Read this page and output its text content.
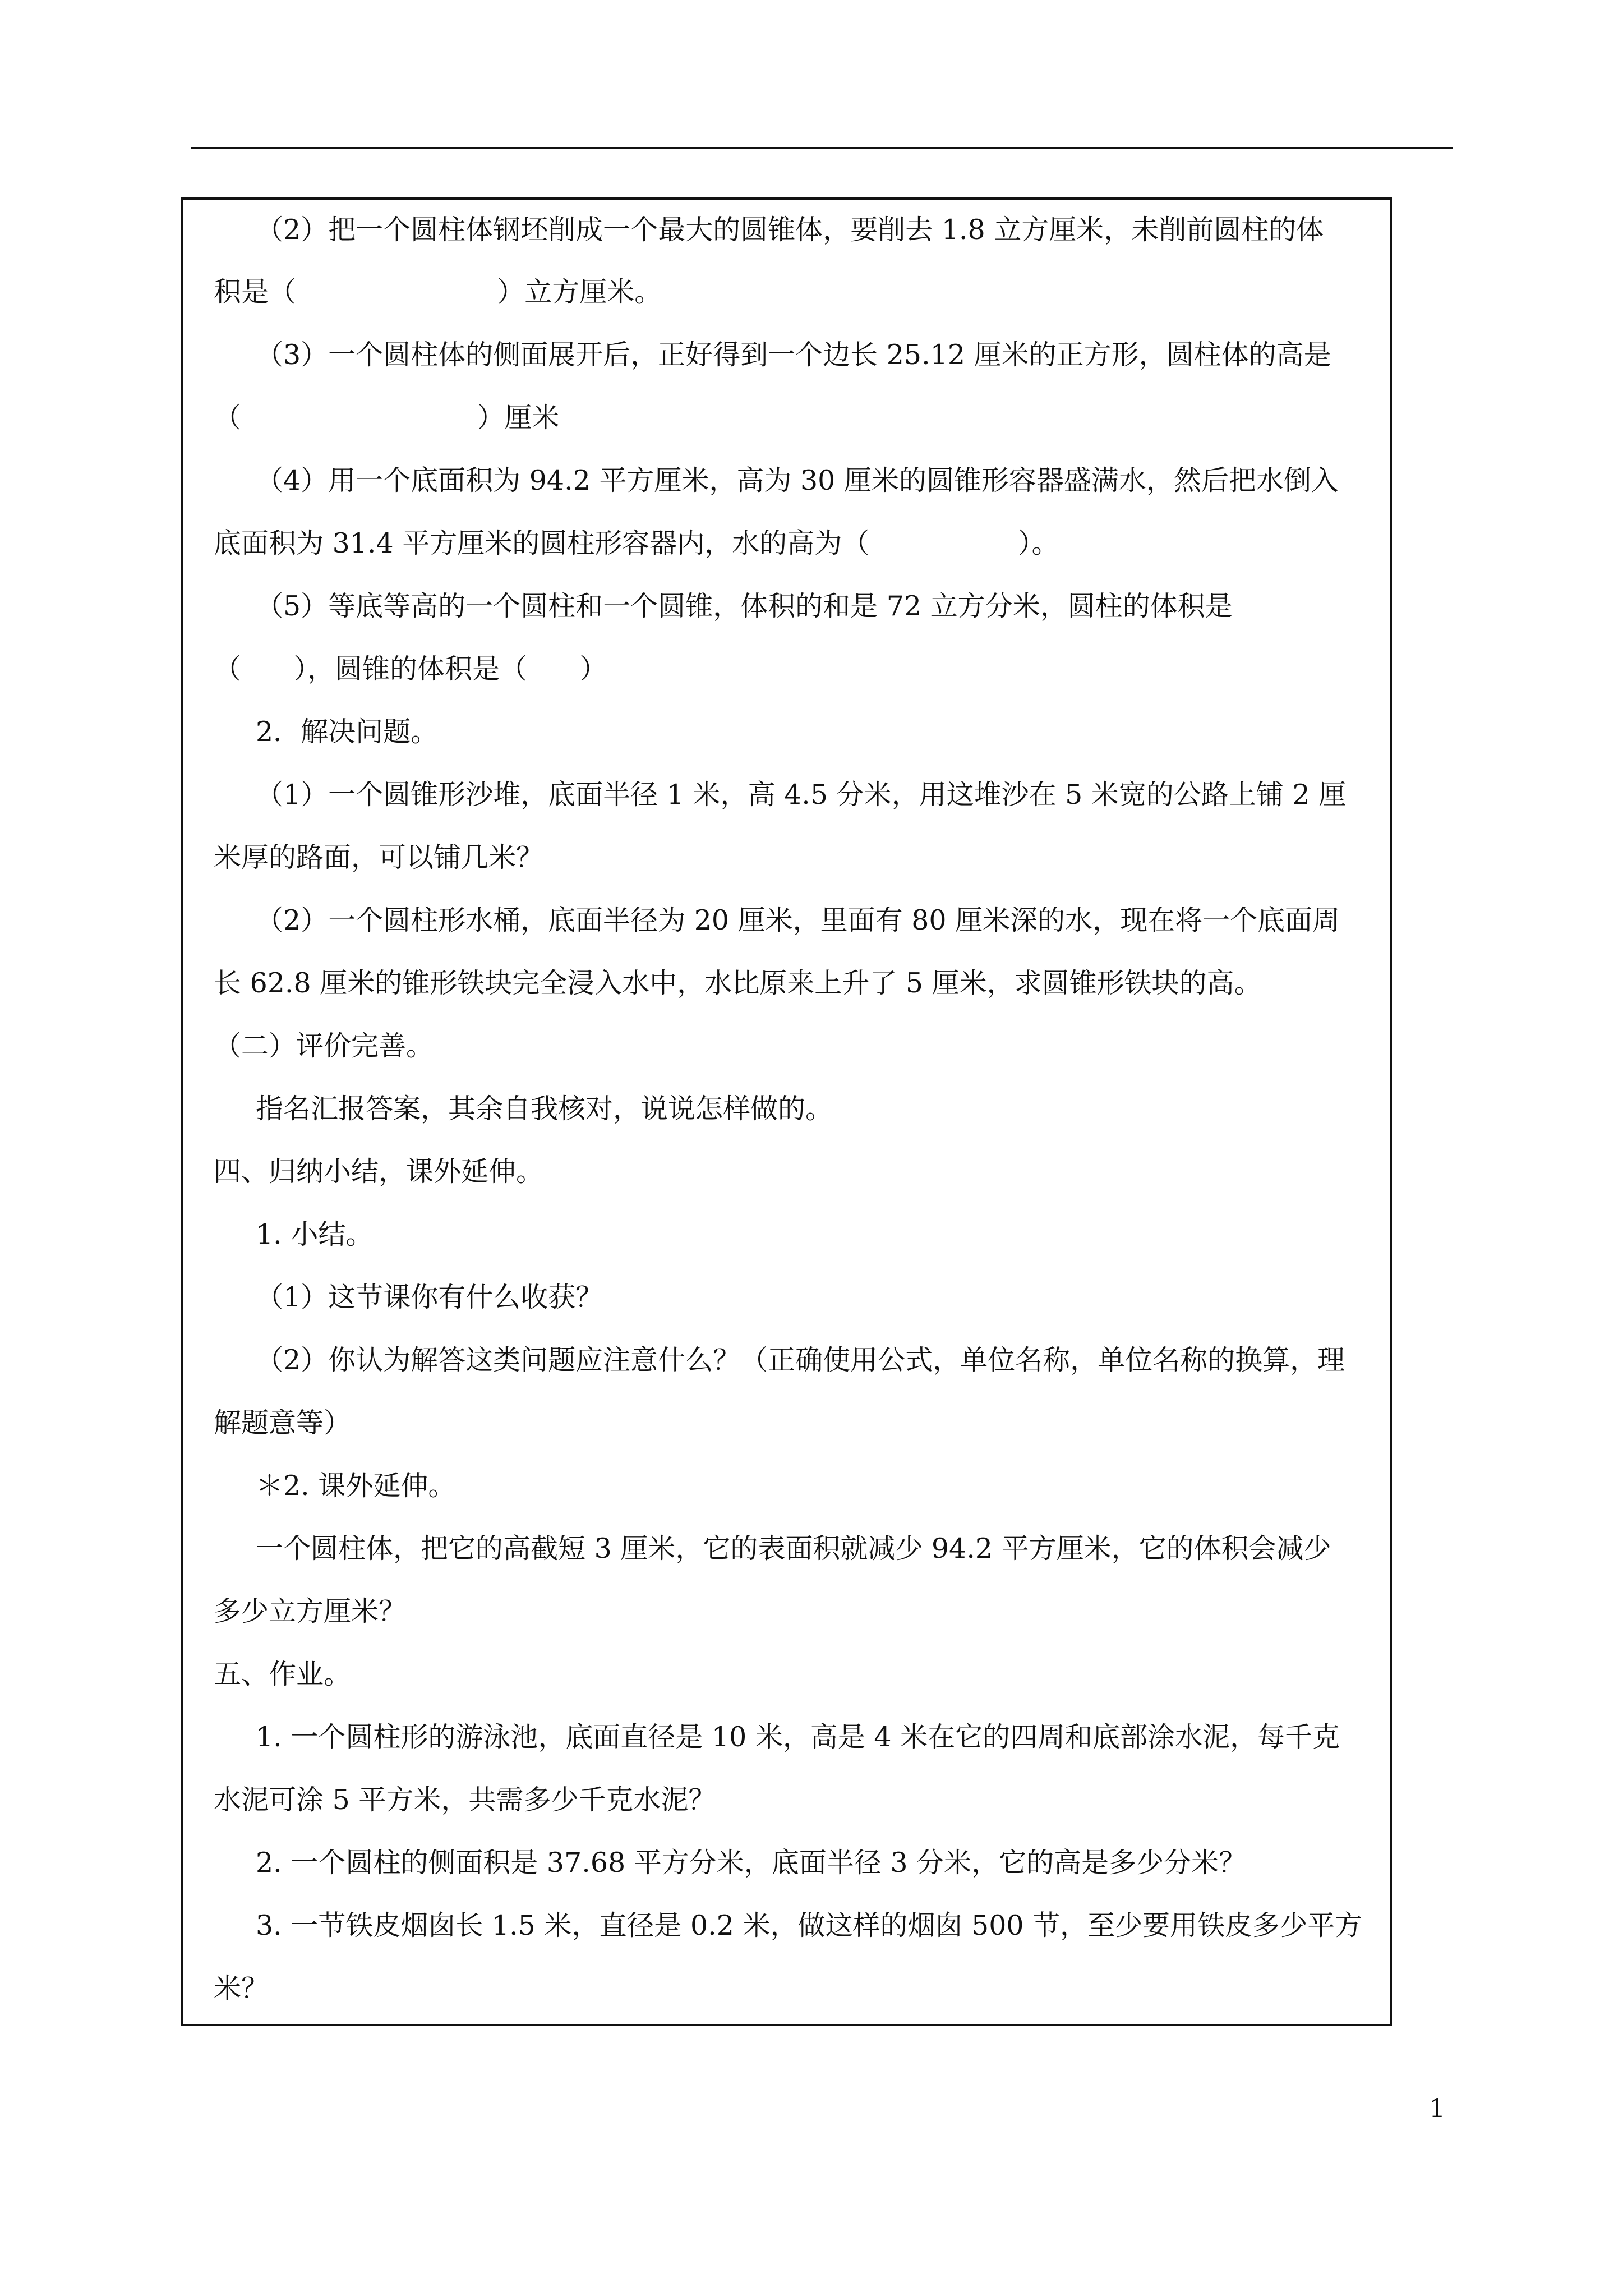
（2）把一个圆柱体钢坯削成一个最大的圆锥体，要削去 1.8 立方厘米，未削前圆柱的体
积是（                       ）立方厘米。
（3）一个圆柱体的侧面展开后，正好得到一个边长 25.12 厘米的正方形，圆柱体的高是
（                           ）厘米
（4）用一个底面积为 94.2 平方厘米，高为 30 厘米的圆锥形容器盛满水，然后把水倒入
底面积为 31.4 平方厘米的圆柱形容器内，水的高为（                 ）。
（5）等底等高的一个圆柱和一个圆锥，体积的和是 72 立方分米，圆柱的体积是
（      ），圆锥的体积是（      ）
2．解决问题。
（1）一个圆锥形沙堆，底面半径 1 米，高 4.5 分米，用这堆沙在 5 米宽的公路上铺 2 厘
米厚的路面，可以铺几米？
（2）一个圆柱形水桶，底面半径为 20 厘米，里面有 80 厘米深的水，现在将一个底面周
长 62.8 厘米的锥形铁块完全浸入水中，水比原来上升了 5 厘米，求圆锥形铁块的高。
（二）评价完善。
指名汇报答案，其余自我核对，说说怎样做的。
四、归纳小结，课外延伸。
1. 小结。
（1）这节课你有什么收获？
（2）你认为解答这类问题应注意什么？（正确使用公式，单位名称，单位名称的换算，理
解题意等）
＊2. 课外延伸。
一个圆柱体，把它的高截短 3 厘米，它的表面积就减少 94.2 平方厘米，它的体积会减少
多少立方厘米？
五、作业。
1. 一个圆柱形的游泳池，底面直径是 10 米，高是 4 米在它的四周和底部涂水泥，每千克
水泥可涂 5 平方米，共需多少千克水泥？
2. 一个圆柱的侧面积是 37.68 平方分米，底面半径 3 分米，它的高是多少分米？
3. 一节铁皮烟囱长 1.5 米，直径是 0.2 米，做这样的烟囱 500 节，至少要用铁皮多少平方
米？
1
